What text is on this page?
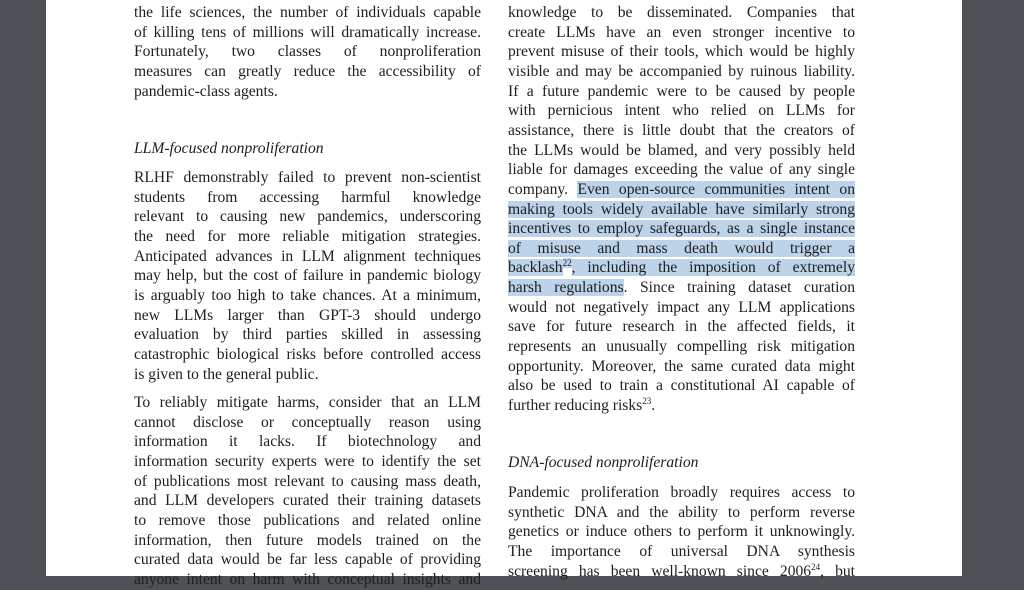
LLM-focused nonproliferation
the life sciences, the number of individuals capable
of killing tens of millions will dramatically increase.
Fortunately, two classes of nonproliferation
measures can greatly reduce the accessibility of
pandemic-class agents.
RLHF demonstrably failed to prevent non-scientist
students from accessing harmful knowledge
relevant to causing new pandemics, underscoring
the need for more reliable mitigation strategies.
Anticipated advances in LLM alignment techniques
may help, but the cost of failure in pandemic biology
is arguably too high to take chances. At a minimum,
new LLMs larger than GPT-3 should undergo
evaluation by third parties skilled in assessing
catastrophic biological risks before controlled access
is given to the general public.
To reliably mitigate harms, consider that an LLM
cannot disclose or conceptually reason using
information it lacks. If biotechnology and
information security experts were to identify the set
of publications most relevant to causing mass death,
and LLM developers curated their training datasets
to remove those publications and related online
information, then future models trained on the
curated data would be far less capable of providing
anyone intent on harm with conceptual insights and
DNA-focused nonproliferation
knowledge to be disseminated. Companies that
create LLMs have an even stronger incentive to
prevent misuse of their tools, which would be highly
visible and may be accompanied by ruinous liability.
If a future pandemic were to be caused by people
with pernicious intent who relied on LLMs for
assistance, there is little doubt that the creators of
the LLMs would be blamed, and very possibly held
liable for damages exceeding the value of any single
company. Even open-source communities intent on
making tools widely available have similarly strong
incentives to employ safeguards, as a single instance
of misuse and mass death would trigger a
backlash$^{22}$, including the imposition of extremely
harsh regulations. Since training dataset curation
would not negatively impact any LLM applications
save for future research in the affected fields, it
represents an unusually compelling risk mitigation
opportunity. Moreover, the same curated data might
also be used to train a constitutional AI capable of
further reducing risks$^{23}$.
Pandemic proliferation broadly requires access to
synthetic DNA and the ability to perform reverse
genetics or induce others to perform it unknowingly.
The importance of universal DNA synthesis
screening has been well-known since 2006$^{24}$, but
